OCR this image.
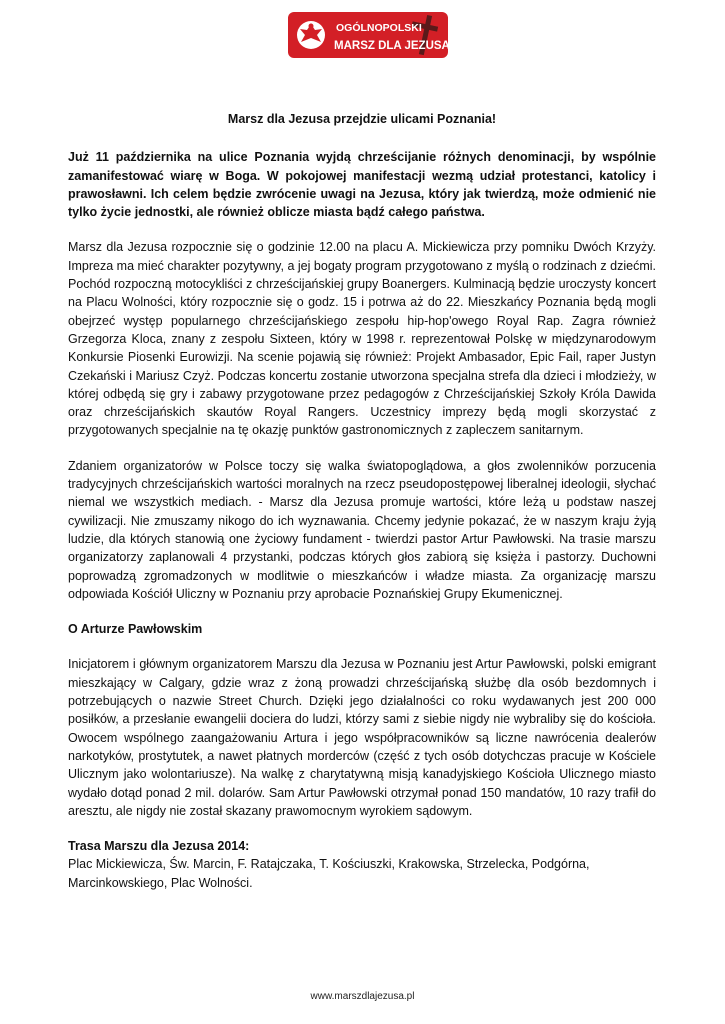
OGÓLNOPOLSKI
MARSZ DLA JEZUSA
Marsz dla Jezusa przejdzie ulicami Poznania!

Już 11 października na ulice Poznania wyjdą chrześcijanie różnych denominacji, by wspólnie zamanifestować wiarę w Boga. W pokojowej manifestacji wezmą udział protestanci, katolicy i prawosławni. Ich celem będzie zwrócenie uwagi na Jezusa, który jak twierdzą, może odmienić nie tylko życie jednostki, ale również oblicze miasta bądź całego państwa.

Marsz dla Jezusa rozpocznie się o godzinie 12.00 na placu A. Mickiewicza przy pomniku Dwóch Krzyży. Impreza ma mieć charakter pozytywny, a jej bogaty program przygotowano z myślą o rodzinach z dziećmi. Pochód rozpoczną motocykliści z chrześcijańskiej grupy Boanergers. Kulminacją będzie uroczysty koncert na Placu Wolności, który rozpocznie się o godz. 15 i potrwa aż do 22. Mieszkańcy Poznania będą mogli obejrzeć występ popularnego chrześcijańskiego zespołu hip-hop'owego Royal Rap. Zagra również Grzegorza Kloca, znany z zespołu Sixteen, który w 1998 r. reprezentował Polskę w międzynarodowym Konkursie Piosenki Eurowizji. Na scenie pojawią się również: Projekt Ambasador, Epic Fail, raper Justyn Czekański i Mariusz Czyż. Podczas koncertu zostanie utworzona specjalna strefa dla dzieci i młodzieży, w której odbędą się gry i zabawy przygotowane przez pedagogów z Chrześcijańskiej Szkoły Króla Dawida oraz chrześcijańskich skautów Royal Rangers. Uczestnicy imprezy będą mogli skorzystać z przygotowanych specjalnie na tę okazję punktów gastronomicznych z zapleczem sanitarnym.

Zdaniem organizatorów w Polsce toczy się walka światopoglądowa, a głos zwolenników porzucenia tradycyjnych chrześcijańskich wartości moralnych na rzecz pseudopostępowej liberalnej ideologii, słychać niemal we wszystkich mediach. - Marsz dla Jezusa promuje wartości, które leżą u podstaw naszej cywilizacji. Nie zmuszamy nikogo do ich wyznawania. Chcemy jedynie pokazać, że w naszym kraju żyją ludzie, dla których stanowią one życiowy fundament - twierdzi pastor Artur Pawłowski. Na trasie marszu organizatorzy zaplanowali 4 przystanki, podczas których głos zabiorą się księża i pastorzy. Duchowni poprowadzą zgromadzonych w modlitwie o mieszkańców i władze miasta. Za organizację marszu odpowiada Kościół Uliczny w Poznaniu przy aprobacie Poznańskiej Grupy Ekumenicznej.

O Arturze Pawłowskim

Inicjatorem i głównym organizatorem Marszu dla Jezusa w Poznaniu jest Artur Pawłowski, polski emigrant mieszkający w Calgary, gdzie wraz z żoną prowadzi chrześcijańską służbę dla osób bezdomnych i potrzebujących o nazwie Street Church. Dzięki jego działalności co roku wydawanych jest 200 000 posiłków, a przesłanie ewangelii dociera do ludzi, którzy sami z siebie nigdy nie wybraliby się do kościoła. Owocem wspólnego zaangażowaniu Artura i jego współpracowników są liczne nawrócenia dealerów narkotyków, prostytutek, a nawet płatnych morderców (część z tych osób dotychczas pracuje w Kościele Ulicznym jako wolontariusze). Na walkę z charytatywną misją kanadyjskiego Kościoła Ulicznego miasto wydało dotąd ponad 2 mil. dolarów. Sam Artur Pawłowski otrzymał ponad 150 mandatów, 10 razy trafił do aresztu, ale nigdy nie został skazany prawomocnym wyrokiem sądowym.

Trasa Marszu dla Jezusa 2014:
Plac Mickiewicza, Św. Marcin, F. Ratajczaka, T. Kościuszki, Krakowska, Strzelecka, Podgórna, Marcinkowskiego, Plac Wolności.
www.marszdlajezusa.pl
